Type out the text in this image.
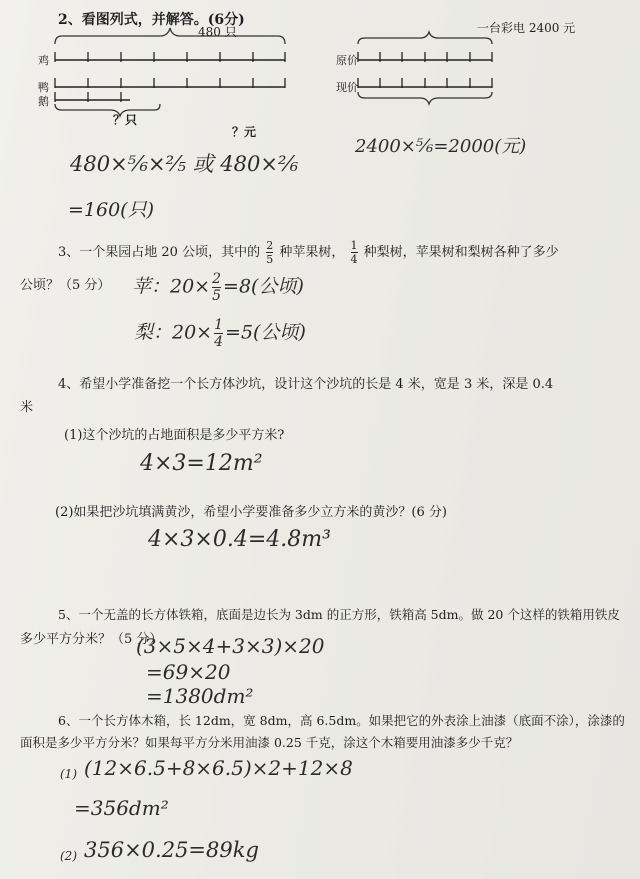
2、看图列式，并解答。(6分)
480 只
鸡
鸭
鹅
？只
？元
一台彩电 2400 元
原价
现价
480×⁵⁄₆×²⁄₅ 或 480×²⁄₆
=160(只)
2400×⁵⁄₆=2000(元)
3、一个果园占地 20 公顷，其中的 $\frac{2}{5}$ 种苹果树， $\frac{1}{4}$ 种梨树，苹果树和梨树各种了多少
公顷？（5 分） 苹：$20\times \frac{2}{5} =8$(公顷)
梨：$20\times \frac{1}{4} =5$(公顷)
4、希望小学准备挖一个长方体沙坑，设计这个沙坑的长是 4 米，宽是 3 米，深是 0.4
米
(1)这个沙坑的占地面积是多少平方米?
4×3=12m²
(2)如果把沙坑填满黄沙，希望小学要准备多少立方米的黄沙？(6 分)
4×3×0.4=4.8m³
5、一个无盖的长方体铁箱，底面是边长为 3dm 的正方形，铁箱高 5dm。做 20 个这样的铁箱用铁皮
多少平方分米？（5 分）
(3×5×4+3×3)×20
=69×20
=1380dm²
6、一个长方体木箱，长 12dm，宽 8dm，高 6.5dm。如果把它的外表涂上油漆（底面不涂），涂漆的
面积是多少平方分米？如果每平方分米用油漆 0.25 千克，涂这个木箱要用油漆多少千克？
(1) (12×6.5+8×6.5)×2+12×8
=356dm²
(2) 356×0.25=89kg
